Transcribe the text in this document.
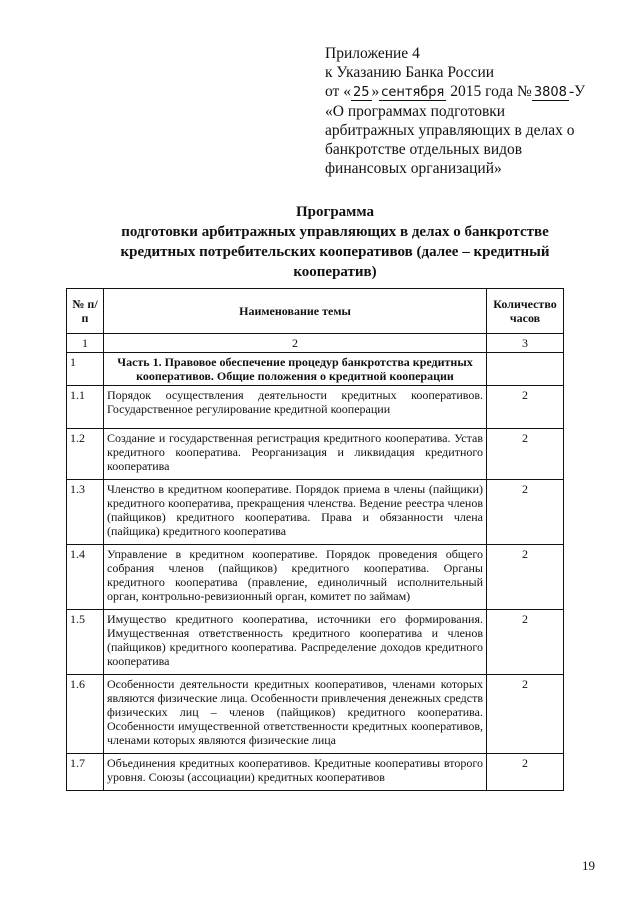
Приложение 4
к Указанию Банка России
от « 25 » сентября 2015 года № 3808 -У
«О программах подготовки
арбитражных управляющих в делах о
банкротстве отдельных видов
финансовых организаций»
Программа
подготовки арбитражных управляющих в делах о банкротстве
кредитных потребительских кооперативов (далее – кредитный
кооператив)
№ п/п	Наименование темы	Количество часов
1	2	3
1	Часть 1. Правовое обеспечение процедур банкротства кредитных кооперативов. Общие положения о кредитной кооперации	
1.1	Порядок осуществления деятельности кредитных кооперативов. Государственное регулирование кредитной кооперации	2
1.2	Создание и государственная регистрация кредитного кооператива. Устав кредитного кооператива. Реорганизация и ликвидация кредитного кооператива	2
1.3	Членство в кредитном кооперативе. Порядок приема в члены (пайщики) кредитного кооператива, прекращения членства. Ведение реестра членов (пайщиков) кредитного кооператива. Права и обязанности члена (пайщика) кредитного кооператива	2
1.4	Управление в кредитном кооперативе. Порядок проведения общего собрания членов (пайщиков) кредитного кооператива. Органы кредитного кооператива (правление, единоличный исполнительный орган, контрольно-ревизионный орган, комитет по займам)	2
1.5	Имущество кредитного кооператива, источники его формирования. Имущественная ответственность кредитного кооператива и членов (пайщиков) кредитного кооператива. Распределение доходов кредитного кооператива	2
1.6	Особенности деятельности кредитных кооперативов, членами которых являются физические лица. Особенности привлечения денежных средств физических лиц – членов (пайщиков) кредитного кооператива. Особенности имущественной ответственности кредитных кооперативов, членами которых являются физические лица	2
1.7	Объединения кредитных кооперативов. Кредитные кооперативы второго уровня. Союзы (ассоциации) кредитных кооперативов	2
19
